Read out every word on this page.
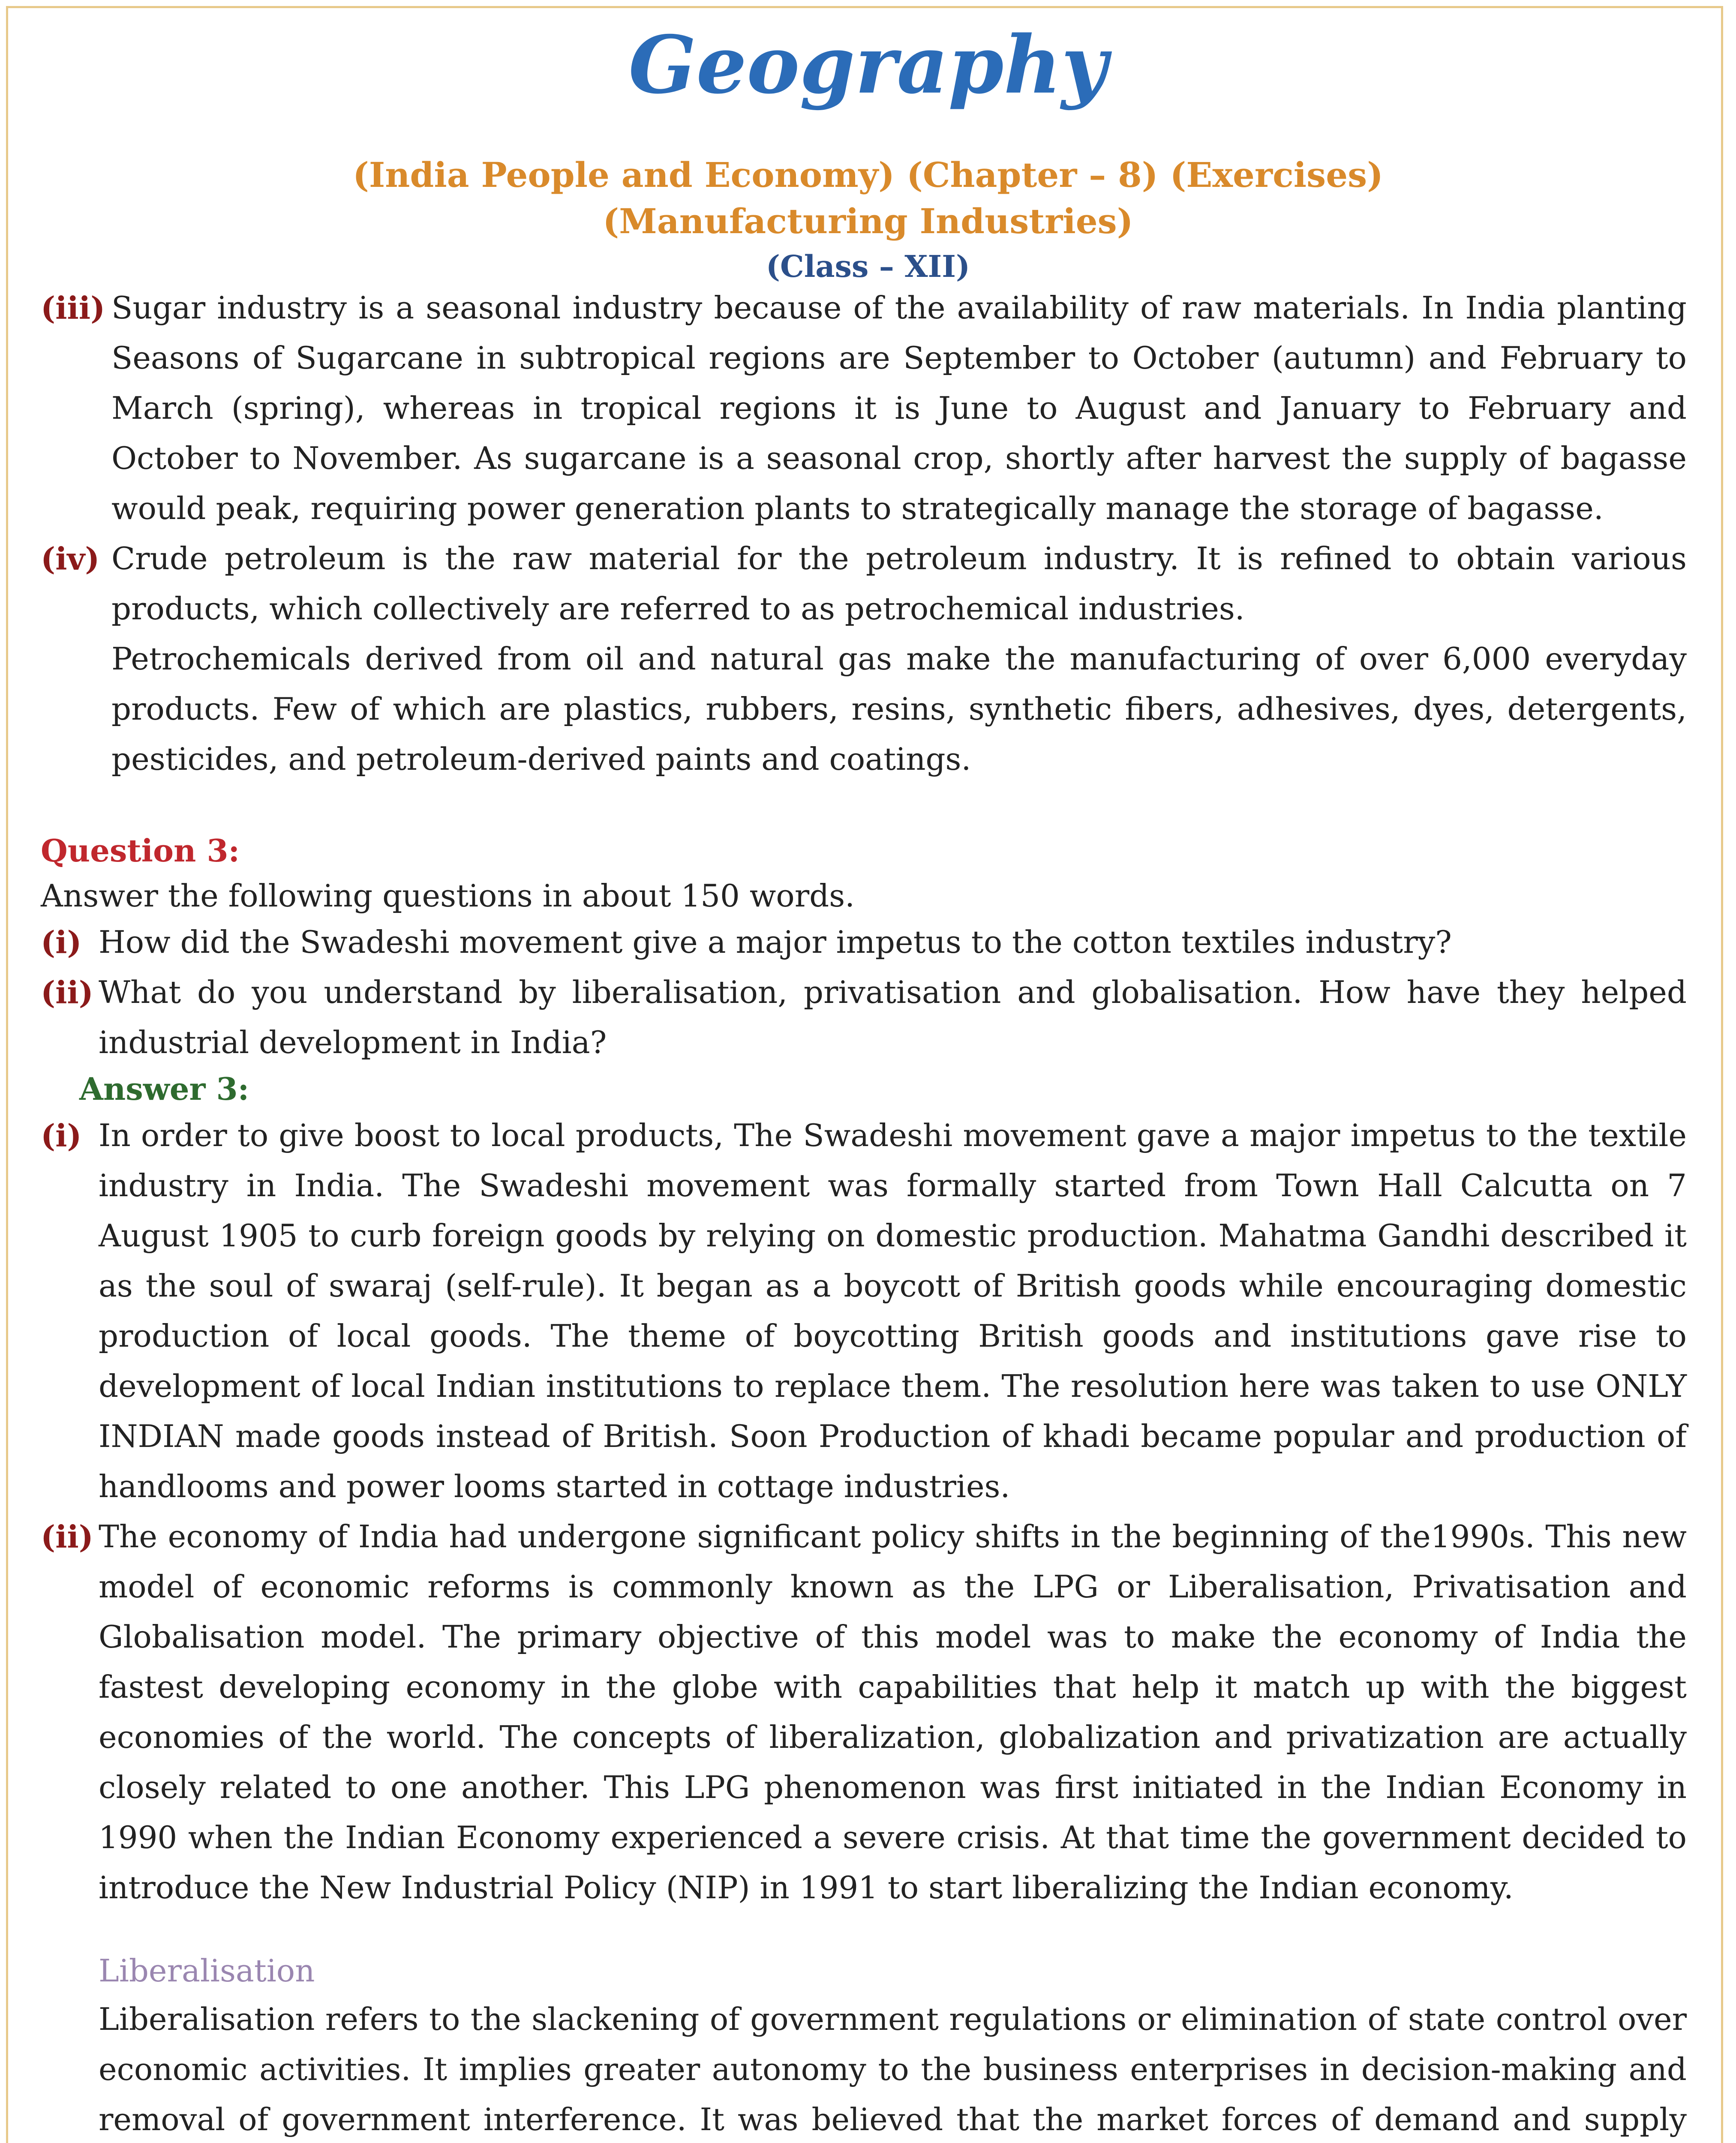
Geography
(India People and Economy) (Chapter – 8) (Exercises)
(Manufacturing Industries)
(Class – XII)
(iii) Sugar industry is a seasonal industry because of the availability of raw materials. In India planting Seasons of Sugarcane in subtropical regions are September to October (autumn) and February to March (spring), whereas in tropical regions it is June to August and January to February and October to November. As sugarcane is a seasonal crop, shortly after harvest the supply of bagasse would peak, requiring power generation plants to strategically manage the storage of bagasse.
(iv) Crude petroleum is the raw material for the petroleum industry. It is refined to obtain various products, which collectively are referred to as petrochemical industries.
Petrochemicals derived from oil and natural gas make the manufacturing of over 6,000 everyday products. Few of which are plastics, rubbers, resins, synthetic fibers, adhesives, dyes, detergents, pesticides, and petroleum-derived paints and coatings.
Question 3:
Answer the following questions in about 150 words.
(i) How did the Swadeshi movement give a major impetus to the cotton textiles industry?
(ii) What do you understand by liberalisation, privatisation and globalisation. How have they helped industrial development in India?
Answer 3:
(i) In order to give boost to local products, The Swadeshi movement gave a major impetus to the textile industry in India. The Swadeshi movement was formally started from Town Hall Calcutta on 7 August 1905 to curb foreign goods by relying on domestic production. Mahatma Gandhi described it as the soul of swaraj (self-rule). It began as a boycott of British goods while encouraging domestic production of local goods. The theme of boycotting British goods and institutions gave rise to development of local Indian institutions to replace them. The resolution here was taken to use ONLY INDIAN made goods instead of British. Soon Production of khadi became popular and production of handlooms and power looms started in cottage industries.
(ii) The economy of India had undergone significant policy shifts in the beginning of the1990s. This new model of economic reforms is commonly known as the LPG or Liberalisation, Privatisation and Globalisation model. The primary objective of this model was to make the economy of India the fastest developing economy in the globe with capabilities that help it match up with the biggest economies of the world. The concepts of liberalization, globalization and privatization are actually closely related to one another. This LPG phenomenon was first initiated in the Indian Economy in 1990 when the Indian Economy experienced a severe crisis. At that time the government decided to introduce the New Industrial Policy (NIP) in 1991 to start liberalizing the Indian economy.
Liberalisation
Liberalisation refers to the slackening of government regulations or elimination of state control over economic activities. It implies greater autonomy to the business enterprises in decision-making and removal of government interference. It was believed that the market forces of demand and supply
